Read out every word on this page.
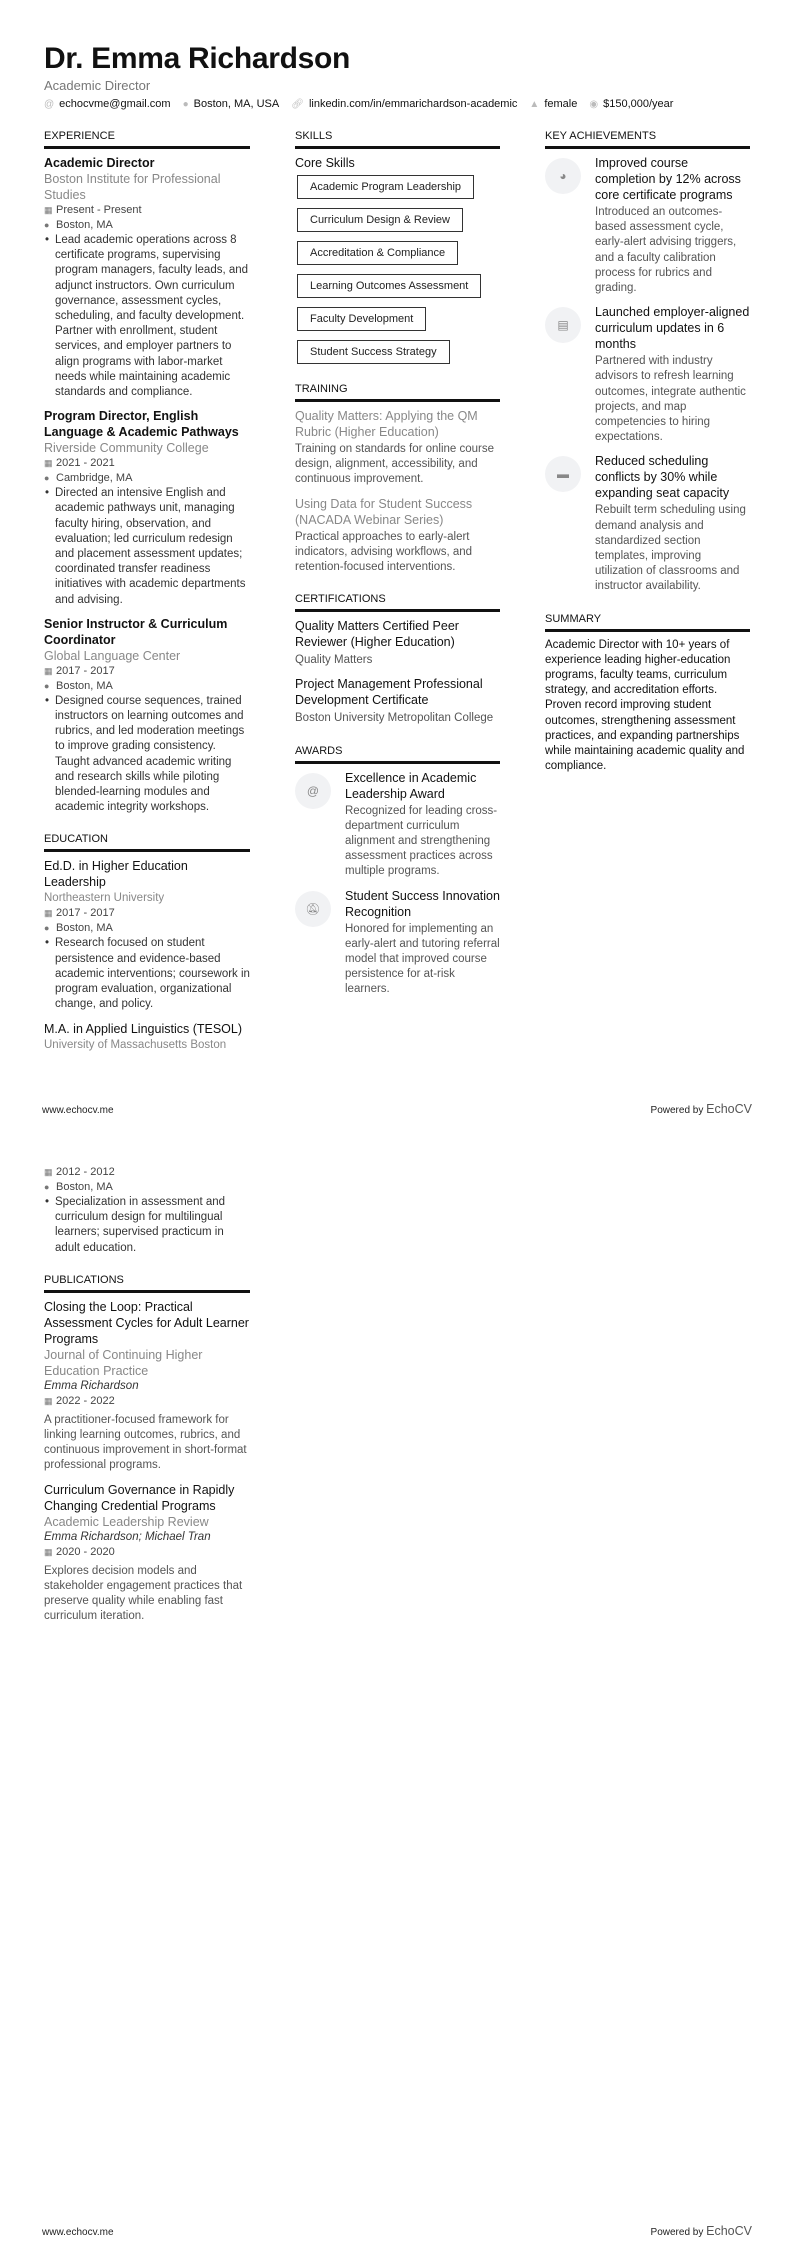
Dr. Emma Richardson
Academic Director
@ echocvme@gmail.com ● Boston, MA, USA 🔗︎ linkedin.com/in/emmarichardson-academic ▲ female ◉ $150,000/year
EXPERIENCE
Academic Director
Boston Institute for Professional Studies
▦ Present - Present
● Boston, MA
• Lead academic operations across 8 certificate programs, supervising program managers, faculty leads, and adjunct instructors. Own curriculum governance, assessment cycles, scheduling, and faculty development. Partner with enrollment, student services, and employer partners to align programs with labor-market needs while maintaining academic standards and compliance.
Program Director, English Language & Academic Pathways
Riverside Community College
▦ 2021 - 2021
● Cambridge, MA
• Directed an intensive English and academic pathways unit, managing faculty hiring, observation, and evaluation; led curriculum redesign and placement assessment updates; coordinated transfer readiness initiatives with academic departments and advising.
Senior Instructor & Curriculum Coordinator
Global Language Center
▦ 2017 - 2017
● Boston, MA
• Designed course sequences, trained instructors on learning outcomes and rubrics, and led moderation meetings to improve grading consistency. Taught advanced academic writing and research skills while piloting blended-learning modules and academic integrity workshops.
EDUCATION
Ed.D. in Higher Education Leadership
Northeastern University
▦ 2017 - 2017
● Boston, MA
• Research focused on student persistence and evidence-based academic interventions; coursework in program evaluation, organizational change, and policy.
M.A. in Applied Linguistics (TESOL)
University of Massachusetts Boston
SKILLS
Core Skills
Academic Program Leadership
Curriculum Design & Review
Accreditation & Compliance
Learning Outcomes Assessment
Faculty Development
Student Success Strategy
TRAINING
Quality Matters: Applying the QM Rubric (Higher Education)
Training on standards for online course design, alignment, accessibility, and continuous improvement.
Using Data for Student Success (NACADA Webinar Series)
Practical approaches to early-alert indicators, advising workflows, and retention-focused interventions.
CERTIFICATIONS
Quality Matters Certified Peer Reviewer (Higher Education)
Quality Matters
Project Management Professional Development Certificate
Boston University Metropolitan College
AWARDS
@
Excellence in Academic Leadership Award
Recognized for leading cross-department curriculum alignment and strengthening assessment practices across multiple programs.
🔕︎
Student Success Innovation Recognition
Honored for implementing an early-alert and tutoring referral model that improved course persistence for at-risk learners.
KEY ACHIEVEMENTS
◕
Improved course completion by 12% across core certificate programs
Introduced an outcomes-based assessment cycle, early-alert advising triggers, and a faculty calibration process for rubrics and grading.
▤
Launched employer-aligned curriculum updates in 6 months
Partnered with industry advisors to refresh learning outcomes, integrate authentic projects, and map competencies to hiring expectations.
▬
Reduced scheduling conflicts by 30% while expanding seat capacity
Rebuilt term scheduling using demand analysis and standardized section templates, improving utilization of classrooms and instructor availability.
SUMMARY
Academic Director with 10+ years of experience leading higher-education programs, faculty teams, curriculum strategy, and accreditation efforts. Proven record improving student outcomes, strengthening assessment practices, and expanding partnerships while maintaining academic quality and compliance.
www.echocv.me	Powered by EchoCV
▦ 2012 - 2012
● Boston, MA
• Specialization in assessment and curriculum design for multilingual learners; supervised practicum in adult education.
PUBLICATIONS
Closing the Loop: Practical Assessment Cycles for Adult Learner Programs
Journal of Continuing Higher Education Practice
Emma Richardson
▦ 2022 - 2022
A practitioner-focused framework for linking learning outcomes, rubrics, and continuous improvement in short-format professional programs.
Curriculum Governance in Rapidly Changing Credential Programs
Academic Leadership Review
Emma Richardson; Michael Tran
▦ 2020 - 2020
Explores decision models and stakeholder engagement practices that preserve quality while enabling fast curriculum iteration.
www.echocv.me	Powered by EchoCV
